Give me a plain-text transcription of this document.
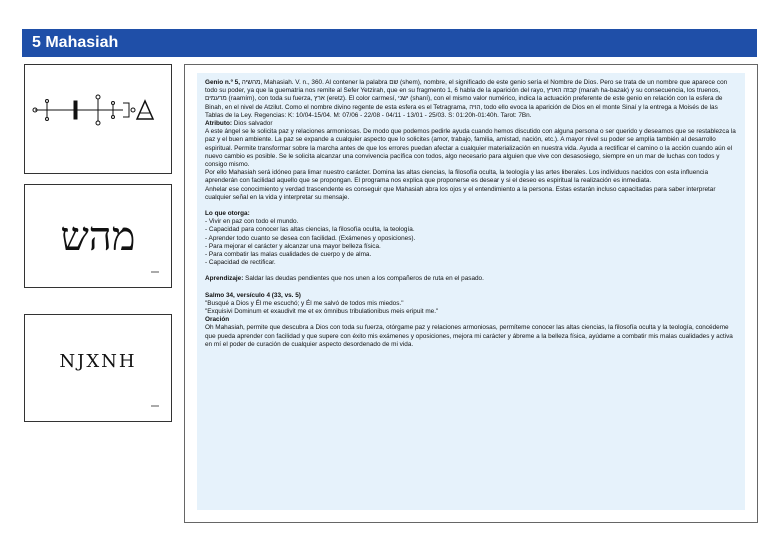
5 Mahasiah
מהש
NJXNH

Genio n.º 5, מהשיה, Mahasiah. V. n., 360. Al contener la palabra שם (shem), nombre, el significado de este genio sería el Nombre de Dios. Pero se trata de un nombre que aparece con todo su poder, ya que la guematria nos remite al Sefer Yetzirah, que en su fragmento 1, 6 habla de la aparición del rayo, קבזה הארץ (marah ha-bazak) y su consecuencia, los truenos, מרעמים (raamím), con toda su fuerza, ארץ (eretz). El color carmesí, ישני (shaní), con el mismo valor numérico, indica la actuación preferente de este genio en relación con la esfera de Binah, en el nivel de Atzilut. Como el nombre divino regente de esta esfera es el Tetragrama, הויה, todo ello evoca la aparición de Dios en el monte Sinaí y la entrega a Moisés de las Tablas de la Ley. Regencias: K: 10/04-15/04. M: 07/06 - 22/08 - 04/11 - 13/01 - 25/03. S: 01:20h-01:40h. Tarot: 7Bn.

Atributo: Dios salvador

A este ángel se le solicita paz y relaciones armoniosas. De modo que podemos pedirle ayuda cuando hemos discutido con alguna persona o ser querido y deseamos que se restablezca la paz y el buen ambiente. La paz se expande a cualquier aspecto que lo solicites (amor, trabajo, familia, amistad, nación, etc.). A mayor nivel su poder se amplía también al desarrollo espiritual. Permite transformar sobre la marcha antes de que los errores puedan afectar a cualquier materialización en nuestra vida. Ayuda a rectificar el camino o la acción cuando aún el nuevo cambio es posible. Se le solicita alcanzar una convivencia pacífica con todos, algo necesario para alguien que vive con desasosiego, siempre en un mar de luchas con todos y consigo mismo.

Por ello Mahasiah será idóneo para limar nuestro carácter. Domina las altas ciencias, la filosofía oculta, la teología y las artes liberales. Los individuos nacidos con esta influencia aprenderán con facilidad aquello que se propongan. El programa nos explica que proponerse es desear y si el deseo es espiritual la realización es inmediata.

Anhelar ese conocimiento y verdad trascendente es conseguir que Mahasiah abra los ojos y el entendimiento a la persona. Estas estarán incluso capacitadas para saber interpretar cualquier señal en la vida y interpretar su mensaje.

Lo que otorga:

- Vivir en paz con todo el mundo.

- Capacidad para conocer las altas ciencias, la filosofía oculta, la teología.

- Aprender todo cuanto se desea con facilidad. (Exámenes y oposiciones).

- Para mejorar el carácter y alcanzar una mayor belleza física.

- Para combatir las malas cualidades de cuerpo y de alma.

- Capacidad de rectificar.

Aprendizaje: Saldar las deudas pendientes que nos unen a los compañeros de ruta en el pasado.

Salmo 34, versículo 4 (33, vs. 5)

"Busqué a Dios y Él me escuchó; y Él me salvó de todos mis miedos."

"Exquisivi Dominum et exaudivit me et ex ómnibus tribulationibus meis eripuit me."

Oración

Oh Mahasiah, permite que descubra a Dios con toda su fuerza, otórgame paz y relaciones armoniosas, permíteme conocer las altas ciencias, la filosofía oculta y la teología, concédeme que pueda aprender con facilidad y que supere con éxito mis exámenes y oposiciones, mejora mi carácter y ábreme a la belleza física, ayúdame a combatir mis malas cualidades y activa en mí el poder de curación de cualquier aspecto desordenado de mi vida.
